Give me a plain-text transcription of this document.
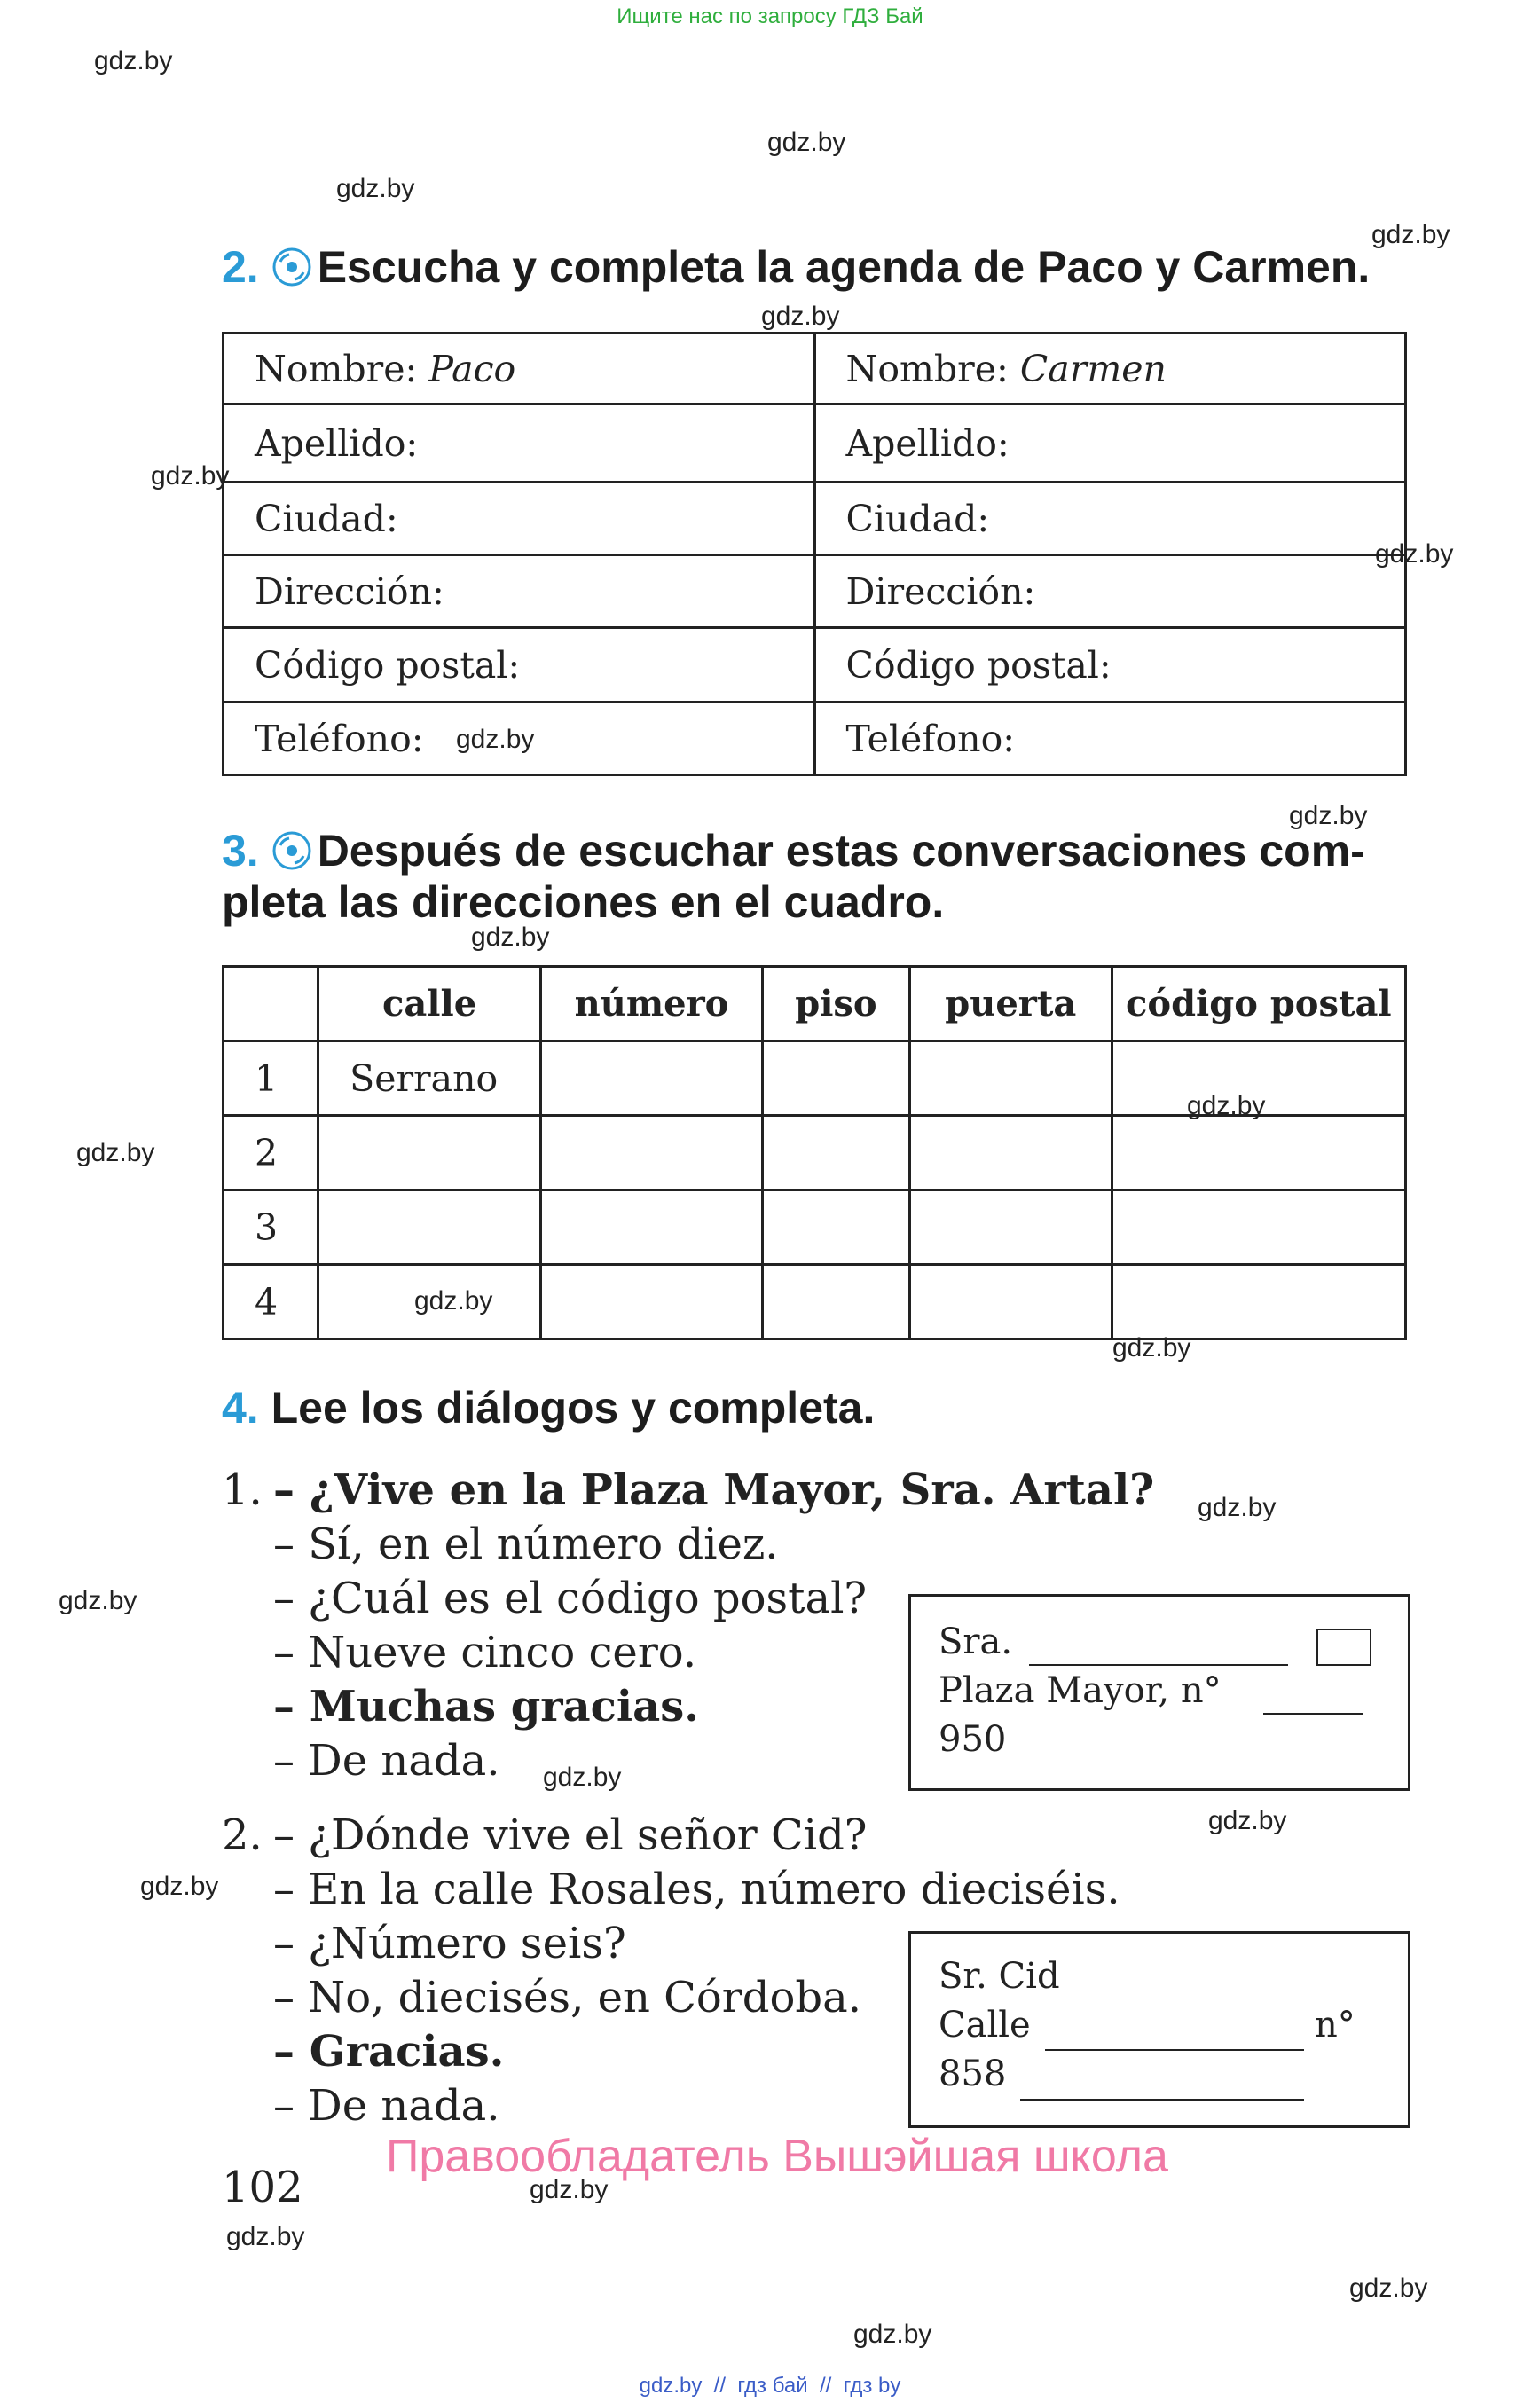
Ищите нас по запросу ГДЗ Бай
gdz.by
gdz.by
gdz.by
gdz.by
gdz.by
gdz.by
gdz.by
gdz.by
gdz.by
gdz.by
gdz.by
gdz.by
gdz.by
gdz.by
gdz.by
gdz.by
gdz.by
gdz.by
gdz.by
gdz.by
gdz.by
gdz.by
gdz.by
2. Escucha y completa la agenda de Paco y Carmen.
Nombre: Paco	Nombre: Carmen
Apellido:	Apellido:
Ciudad:	Ciudad:
Dirección:	Dirección:
Código postal:	Código postal:
Teléfono:	Teléfono:
3. Después de escuchar estas conversaciones com-
pleta las direcciones en el cuadro.
	calle	número	piso	puerta	código postal
1	Serrano				
2					
3					
4					
4. Lee los diálogos y completa.
1. – ¿Vive en la Plaza Mayor, Sra. Artal?
– Sí, en el número diez.
– ¿Cuál es el código postal?
– Nueve cinco cero.
– Muchas gracias.
– De nada.
Sra.
Plaza Mayor, n°
950
2. – ¿Dónde vive el señor Cid?
– En la calle Rosales, número dieciséis.
– ¿Número seis?
– No, diecisés, en Córdoba.
– Gracias.
– De nada.
Sr. Cid
Calle	n°
858
102
Правообладатель Вышэйшая школа
gdz.by  //  гдз бай  //  гдз by
